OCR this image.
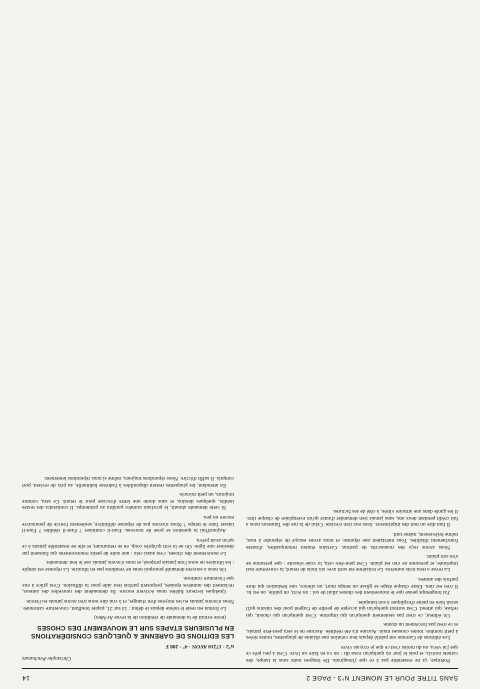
SANS TITRE POUR LE MOMENT N°3 - PAGE 2
14

Poétique, ça ne ressemble pas à ce que j'imaginais. De longues nuits sous la lampe, des carnets noircis, et puis le jour où quelqu'un vous dit : on va en faire un livre. C'est à peu près ce que j'ai vécu, ou du moins c'est ce que je croyais vivre.

Les éditions de Garenne ont publié depuis leur création une dizaine de plaquettes, toutes tirées à petit nombre, toutes cousues main. Aucune n'a été rééditée. Aucune ne le sera peut-être jamais, et ce n'est pas forcément un drame.

Un éditeur, ce n'est pas seulement quelqu'un qui imprime. C'est quelqu'un qui choisit, qui refuse, qui attend. C'est surtout quelqu'un qui accepte de perdre de l'argent pour des raisons qu'il serait bien en peine d'expliquer à son banquier.

J'ai longtemps pensé que le mouvement des choses allait de soi : on écrit, on publie, on est lu. Il n'en est rien. Entre chaque étape se glisse un temps mort, un silence, une hésitation qui dure parfois des années.

La revue a tenu trois numéros. Le troisième est sorti avec six mois de retard, la couverture mal imprimée, et personne ne s'en est plaint. C'est peut-être cela, la vraie réussite : que personne ne s'en soit plaint.

Nous avons reçu des manuscrits de partout. Certains étaient remarquables, d'autres franchement illisibles. Tous méritaient une réponse, et nous avons essayé de répondre à tous, même brièvement, même tard.

Il faut dire un mot des imprimeurs. Sans eux rien n'existe. Celui de la rue des Tanneurs nous a fait crédit pendant deux ans, sans jamais rien demander d'autre qu'un exemplaire de chaque titre. Il les garde dans une armoire vitrée, à côté de ses factures.

Christophe Petchanatz

n°2 · 17210 AVON · 4° · 200 F

LES EDITIONS DE GARENNE & QUELQUES CONSIDÉRATIONS EN PLUSIEURS ETAPES SUR LE MOUVEMENT DES CHOSES

(texte extrait de la demande de réédition de la revue Ar-Men)

Le format est resté le même depuis le début : 14 sur 21, papier bouffant, couverture cartonnée. Nous n'avons jamais eu les moyens d'en changer, et à vrai dire nous n'en avons jamais eu l'envie.

Quelques lecteurs fidèles nous écrivent encore. Ils demandent des nouvelles des auteurs, réclament des numéros épuisés, proposent parfois leur aide pour la diffusion. C'est grâce à eux que l'aventure continue.

On nous a souvent demandé pourquoi nous ne vendions pas en librairie. La réponse est simple : les libraires ne nous l'ont jamais proposé, et nous n'avons jamais osé le leur demander.

Le mouvement des choses, c'est aussi cela : une suite de petits renoncements qui finissent par dessiner une ligne. On ne la voit qu'après coup, en se retournant, et elle ne ressemble jamais à ce qu'on avait prévu.

Aujourd'hui la question se pose de nouveau. Faut-il continuer ? Faut-il rééditer ? Faut-il laisser faire le temps ? Nous n'avons pas de réponse définitive, seulement l'envie de poursuivre encore un peu.

Si cette demande aboutit, le prochain numéro paraîtra au printemps. Il contiendra des textes inédits, quelques dessins, et sans doute une lettre d'excuse pour le retard. Ce sera, comme toujours, un petit miracle.

En attendant, les plaquettes restent disponibles à l'adresse habituelle, au prix de revient, port compris. Il suffit d'écrire. Nous répondons toujours, même si nous répondons lentement.
